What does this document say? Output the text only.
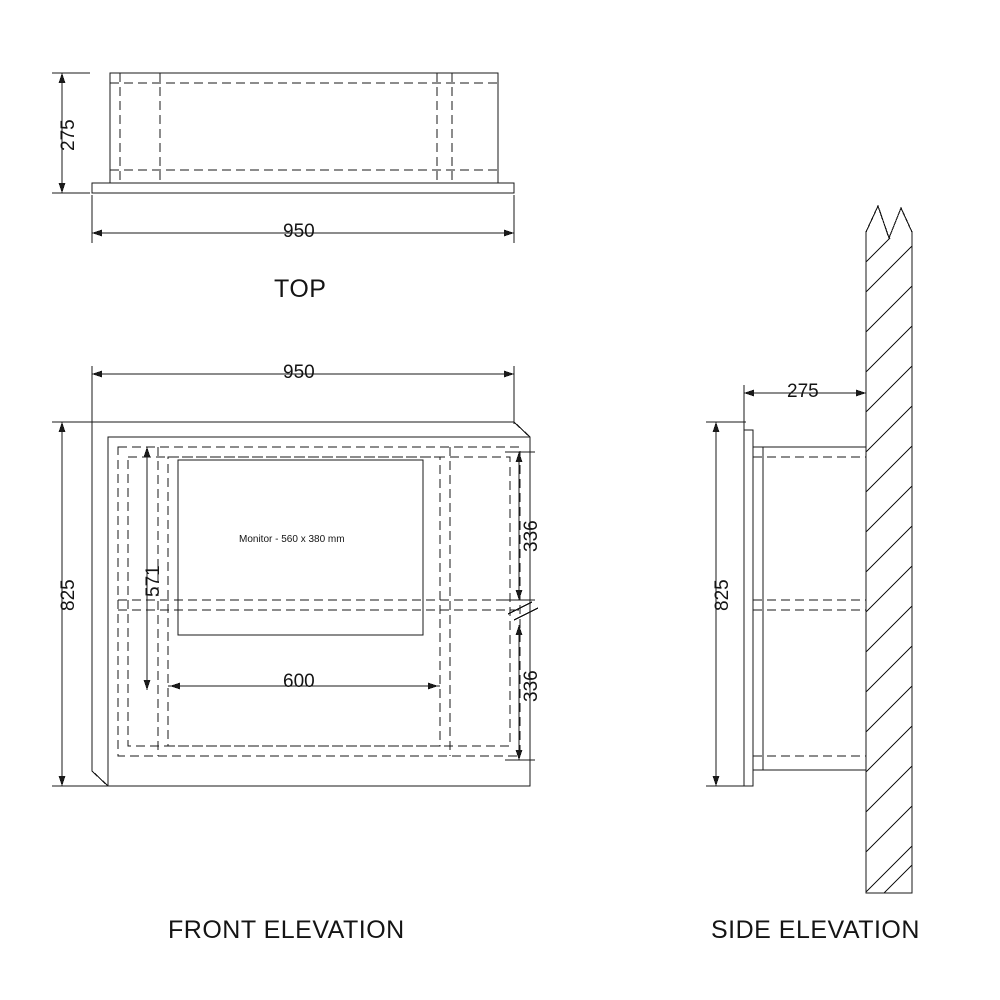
TOP
FRONT ELEVATION	SIDE ELEVATION
275
950
950
825	571
336
336
600
275
825
Monitor - 560 x 380 mm
